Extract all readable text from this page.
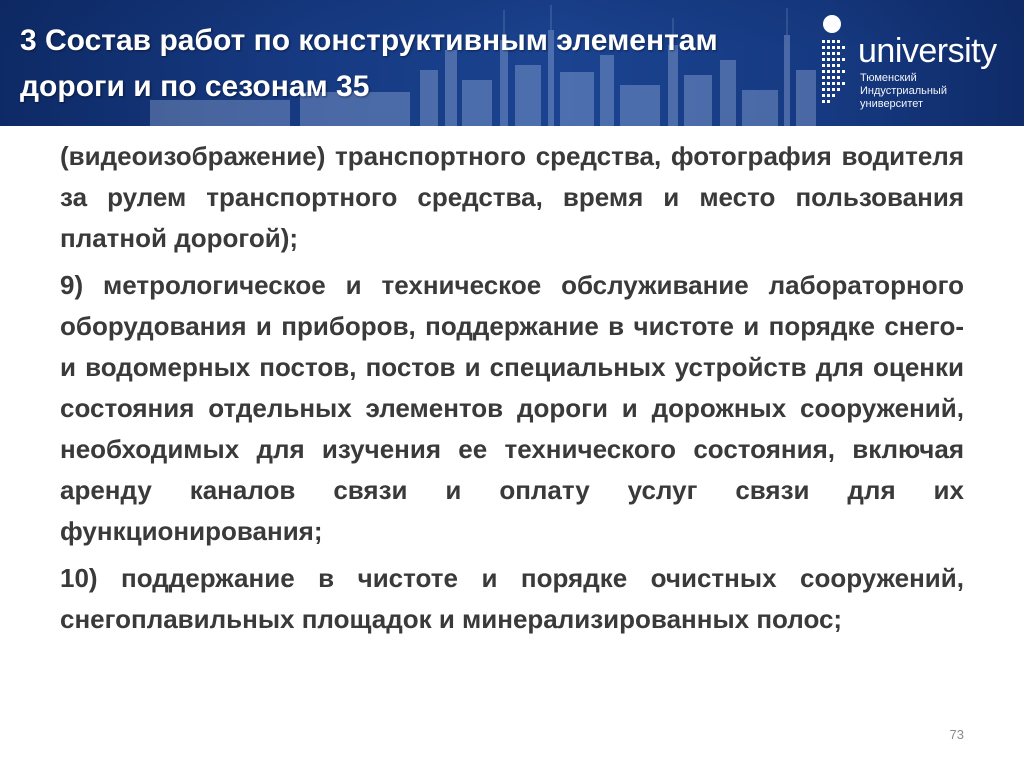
3 Состав работ по конструктивным элементам дороги и по сезонам 35
university
Тюменский
Индустриальный
университет

(видеоизображение) транспортного средства, фотография водителя за рулем транспортного средства, время и место пользования платной дорогой);

9) метрологическое и техническое обслуживание лабораторного оборудования и приборов, поддержание в чистоте и порядке снего- и водомерных постов, постов и специальных устройств для оценки состояния отдельных элементов дороги и дорожных сооружений, необходимых для изучения ее технического состояния, включая аренду каналов связи и оплату услуг связи для их функционирования;

10) поддержание в чистоте и порядке очистных сооружений, снегоплавильных площадок и минерализированных полос;

73
